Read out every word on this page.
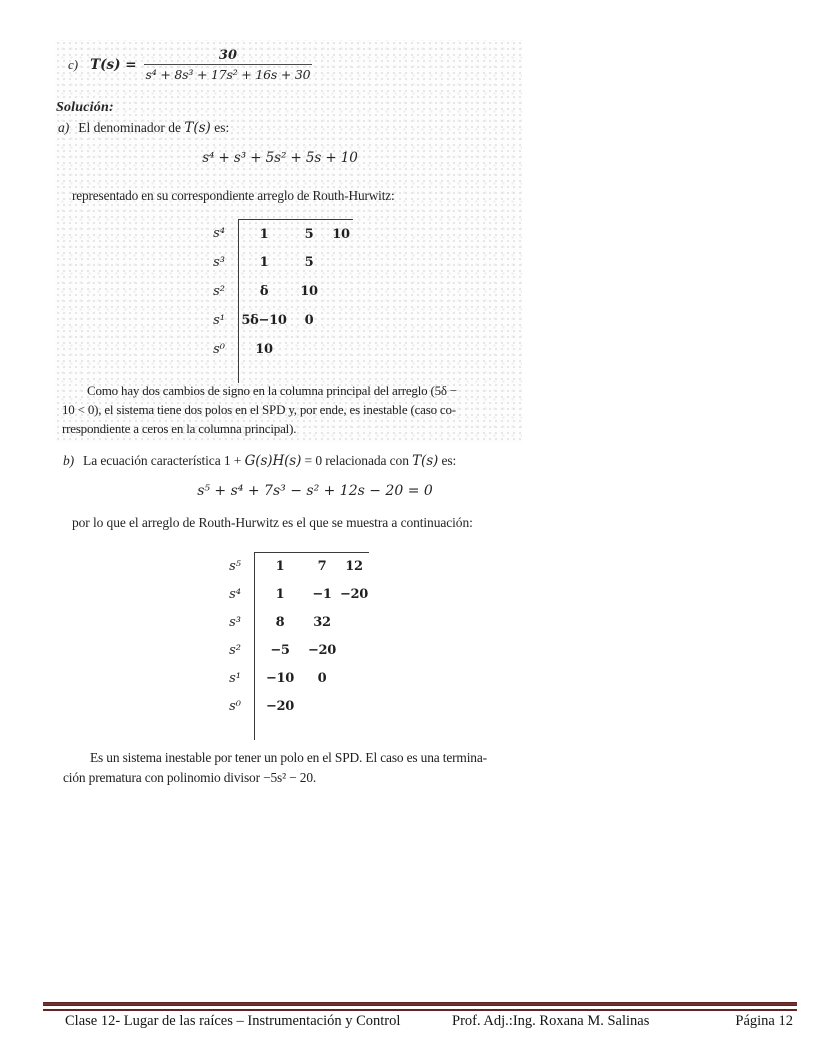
c) $T(s) = \frac{30}{\text{s⁴ + 8s³ + 17s² + 16s + 30}}$
Solución:
a) El denominador de T(s) es:
s⁴ + s³ + 5s² + 5s + 10
representado en su correspondiente arreglo de Routh-Hurwitz:
s⁴	1	5	10
s³	1	5
s²	δ	10
s¹	5δ−10	0
s⁰	10
Como hay dos cambios de signo en la columna principal del arreglo (5δ −
10 < 0), el sistema tiene dos polos en el SPD y, por ende, es inestable (caso co-
rrespondiente a ceros en la columna principal).
b) La ecuación característica 1 + G(s)H(s) = 0 relacionada con T(s) es:
s⁵ + s⁴ + 7s³ − s² + 12s − 20 = 0
por lo que el arreglo de Routh-Hurwitz es el que se muestra a continuación:
s⁵	1	7	12
s⁴	1	−1 −20
s³	8	32
s²	−5	−20
s¹	−10	0
s⁰	−20
Es un sistema inestable por tener un polo en el SPD. El caso es una termina-
ción prematura con polinomio divisor −5s² − 20.
Clase 12- Lugar de las raíces – Instrumentación y Control	Prof. Adj.:Ing. Roxana M. Salinas	Página 12
